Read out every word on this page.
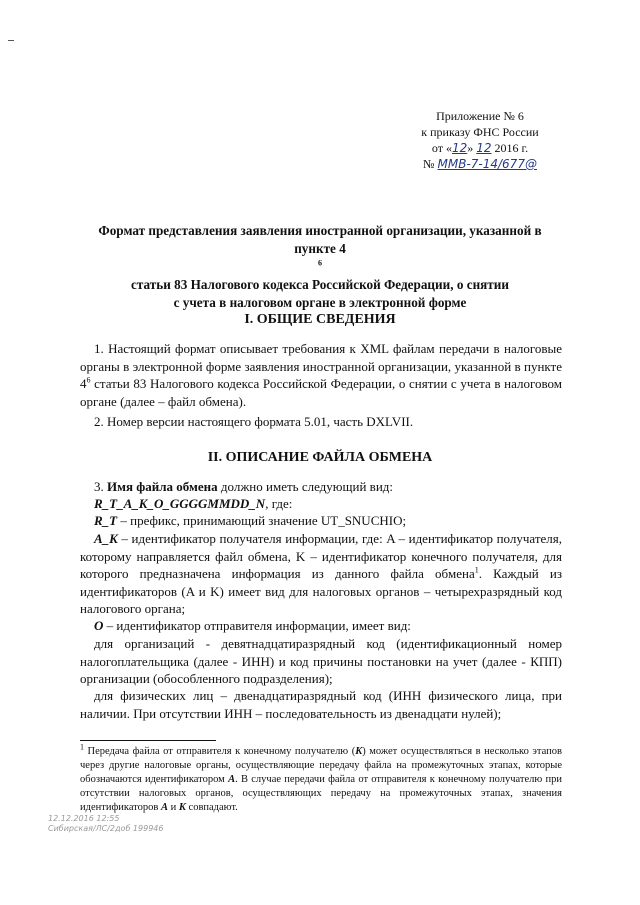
Приложение № 6
к приказу ФНС России
от «12» 12 2016 г.
№ ММВ-7-14/677@
Формат представления заявления иностранной организации, указанной в
пункте 4
$^6$
статьи 83 Налогового кодекса Российской Федерации, о снятии
с учета в налоговом органе в электронной форме
I. ОБЩИЕ СВЕДЕНИЯ
1. Настоящий формат описывает требования к XML файлам передачи в налоговые органы в электронной форме заявления иностранной организации, указанной в пункте $4^6$ статьи 83 Налогового кодекса Российской Федерации, о снятии с учета в налоговом органе (далее – файл обмена).
2. Номер версии настоящего формата 5.01, часть DXLVII.
II. ОПИСАНИЕ ФАЙЛА ОБМЕНА
3. Имя файла обмена должно иметь следующий вид:
R_T_A_K_O_GGGGMMDD_N, где:
R_T – префикс, принимающий значение UT_SNUCHIO;
A_K – идентификатор получателя информации, где: A – идентификатор получателя, которому направляется файл обмена, K – идентификатор конечного получателя, для которого предназначена информация из данного файла обмена$^1$. Каждый из идентификаторов (A и K) имеет вид для налоговых органов – четырехразрядный код налогового органа;
O – идентификатор отправителя информации, имеет вид:
для организаций - девятнадцатиразрядный код (идентификационный номер налогоплательщика (далее - ИНН) и код причины постановки на учет (далее - КПП) организации (обособленного подразделения);
для физических лиц – двенадцатиразрядный код (ИНН физического лица, при наличии. При отсутствии ИНН – последовательность из двенадцати нулей);
$^1$ Передача файла от отправителя к конечному получателю (K) может осуществляться в несколько этапов через другие налоговые органы, осуществляющие передачу файла на промежуточных этапах, которые обозначаются идентификатором A. В случае передачи файла от отправителя к конечному получателю при отсутствии налоговых органов, осуществляющих передачу на промежуточных этапах, значения идентификаторов A и K совпадают.
12.12.2016 12:55
Сибирская/ЛС/2доб 199946
